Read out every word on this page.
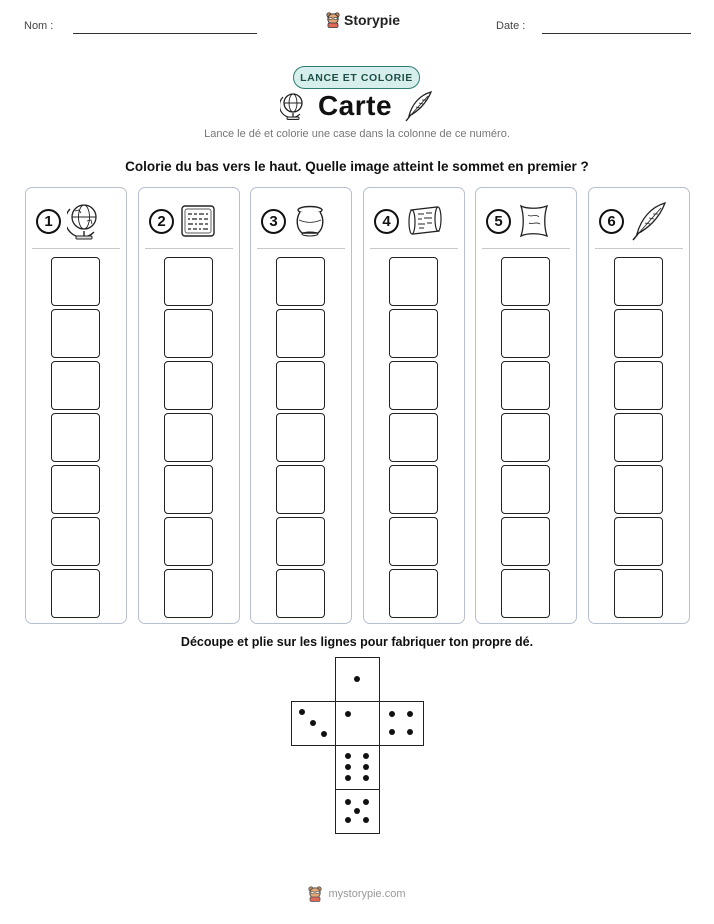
Nom :	Storypie	Date :
LANCE ET COLORIE
Carte
Lance le dé et colorie une case dans la colonne de ce numéro.
Colorie du bas vers le haut. Quelle image atteint le sommet en premier ?
1	2	3	4	5	6
Découpe et plie sur les lignes pour fabriquer ton propre dé.
mystorypie.com
